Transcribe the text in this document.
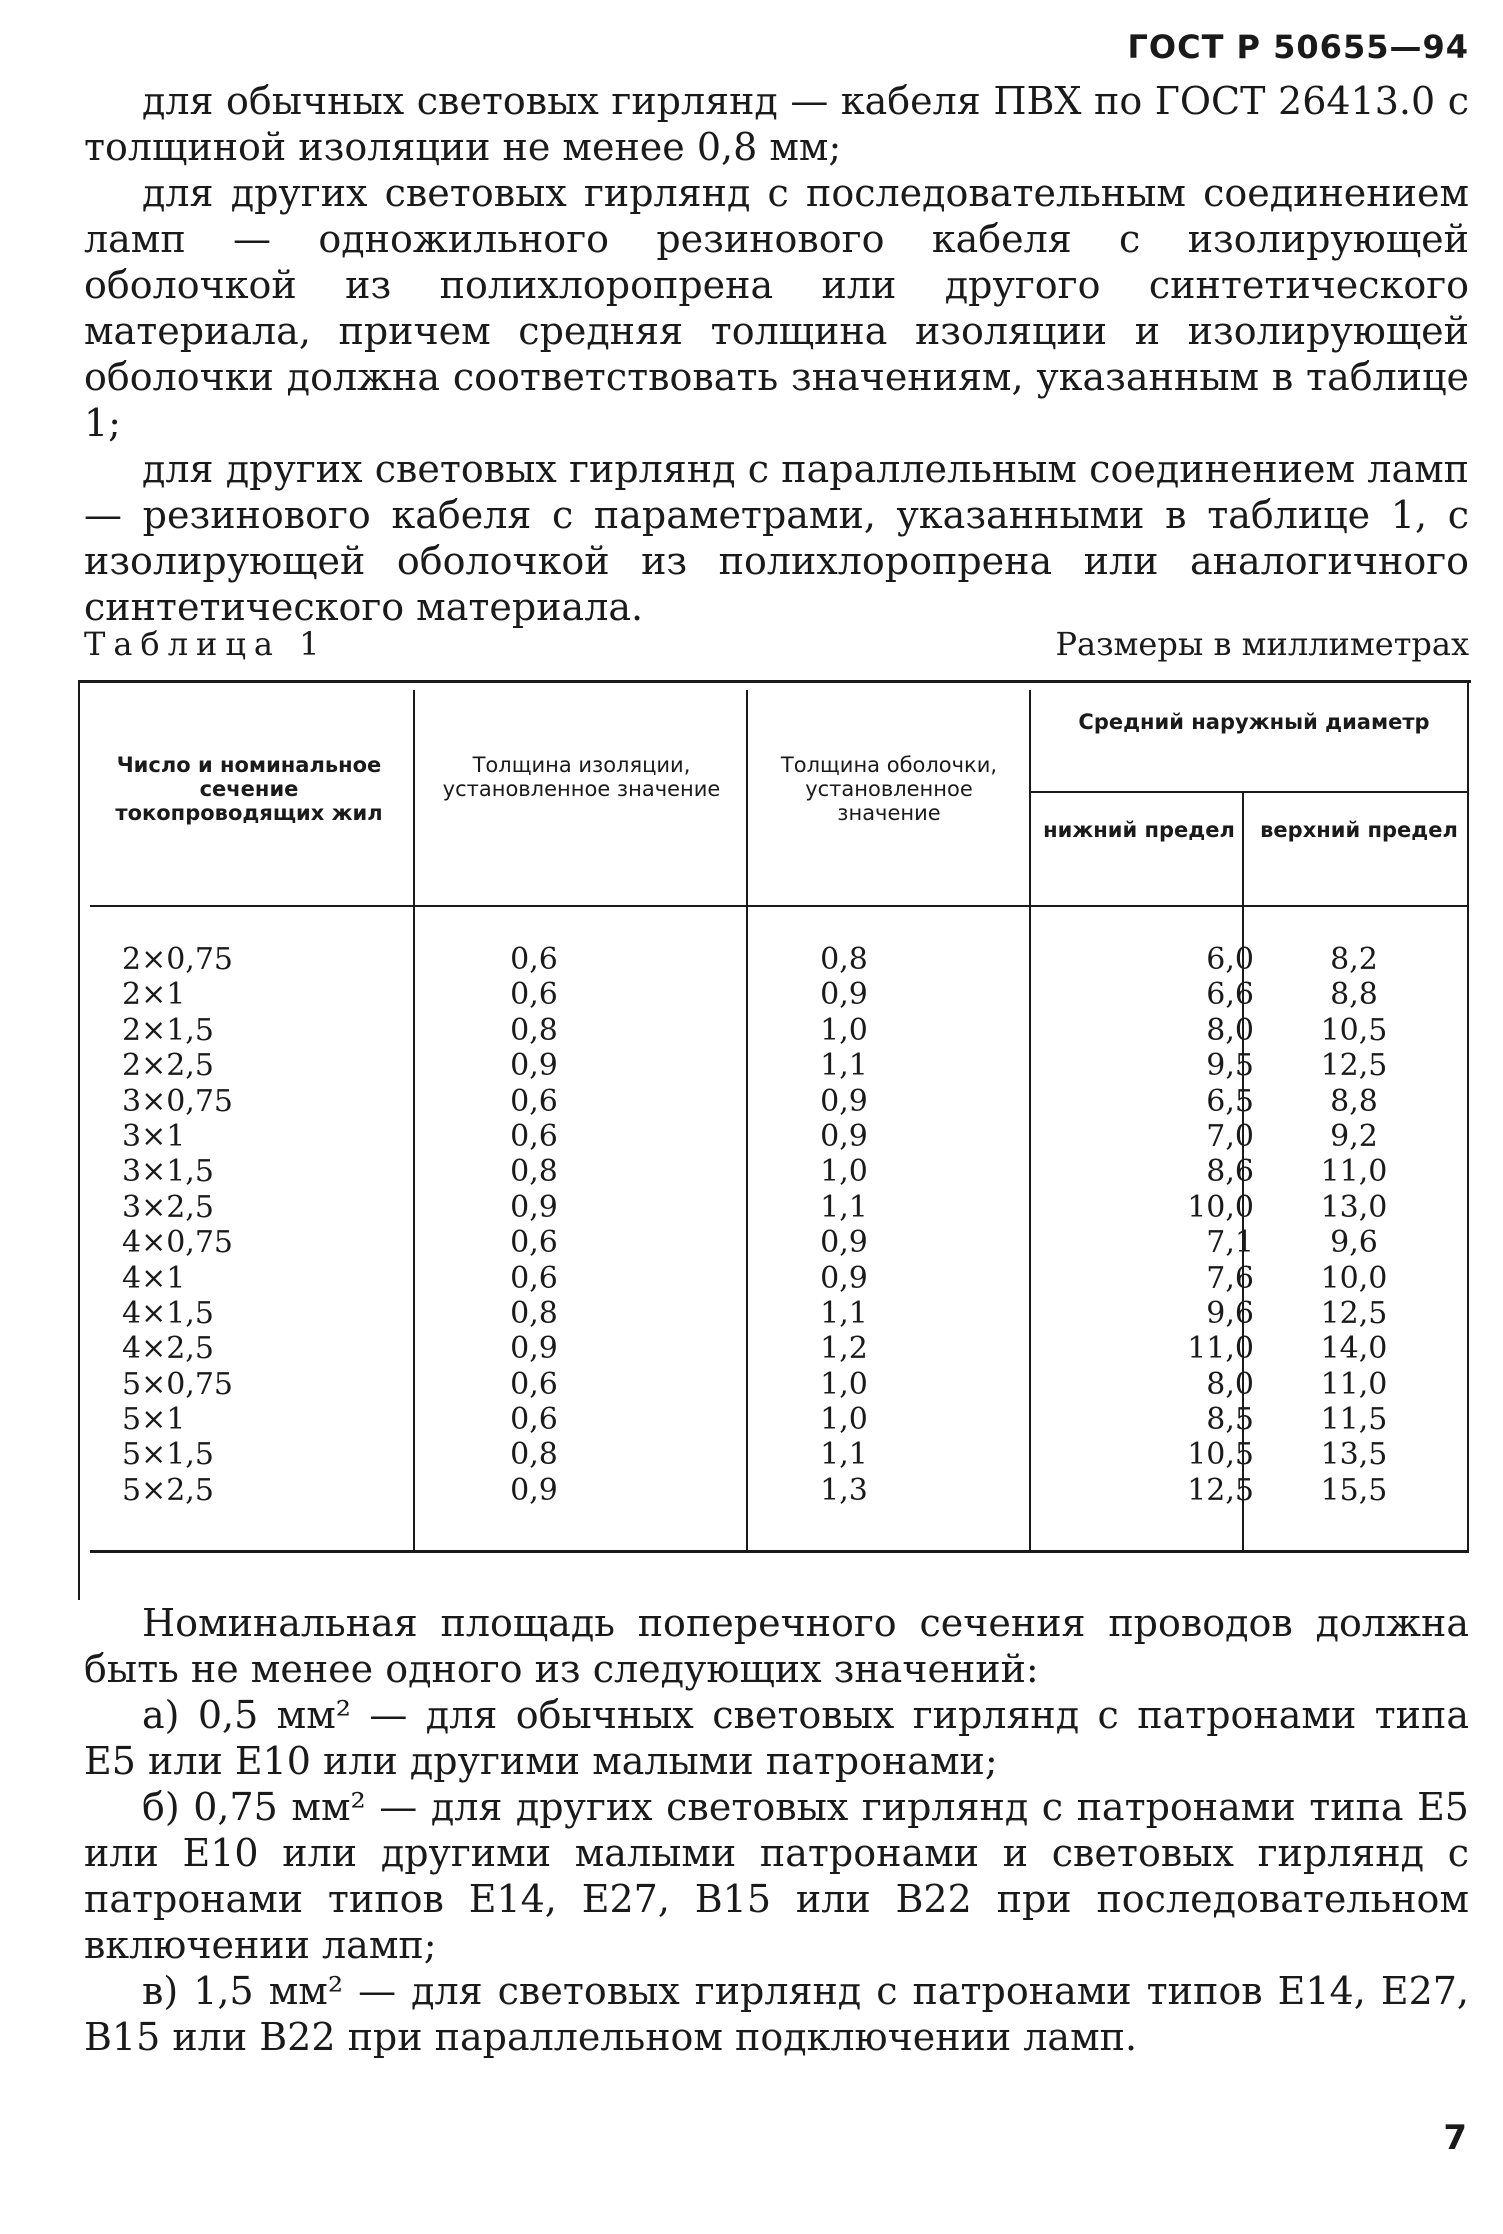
ГОСТ Р 50655—94

для обычных световых гирлянд — кабеля ПВХ по ГОСТ 26413.0 с толщиной изоляции не менее 0,8 мм;

для других световых гирлянд с последовательным соединением ламп — одножильного резинового кабеля с изолирующей оболочкой из полихлоропрена или другого синтетического материала, причем средняя толщина изоляции и изолирующей оболочки должна соответствовать значениям, указанным в таблице 1;

для других световых гирлянд с параллельным соединением ламп — резинового кабеля с параметрами, указанными в таблице 1, с изолирующей оболочкой из полихлоропрена или аналогичного синтетического материала.

Таблица 1	Размеры в миллиметрах
Число и номинальное сечение токопроводящих жил
Толщина изоляции, установленное значение
Толщина оболочки, установленное значение
Средний наружный диаметр
нижний предел верхний предел
2×0,75
2×1
2×1,5
2×2,5
3×0,75
3×1
3×1,5
3×2,5
4×0,75
4×1
4×1,5
4×2,5
5×0,75
5×1
5×1,5
5×2,5
0,6
0,6
0,8
0,9
0,6
0,6
0,8
0,9
0,6
0,6
0,8
0,9
0,6
0,6
0,8
0,9
0,8
0,9
1,0
1,1
0,9
0,9
1,0
1,1
0,9
0,9
1,1
1,2
1,0
1,0
1,1
1,3
6,0
6,6
8,0
9,5
6,5
7,0
8,6
10,0
7,1
7,6
9,6
11,0
8,0
8,5
10,5
12,5
8,2
8,8
10,5
12,5
8,8
9,2
11,0
13,0
9,6
10,0
12,5
14,0
11,0
11,5
13,5
15,5

Номинальная площадь поперечного сечения проводов должна быть не менее одного из следующих значений:

а) 0,5 мм² — для обычных световых гирлянд с патронами типа E5 или E10 или другими малыми патронами;

б) 0,75 мм² — для других световых гирлянд с патронами типа E5 или E10 или другими малыми патронами и световых гирлянд с патронами типов E14, E27, B15 или B22 при последовательном включении ламп;

в) 1,5 мм² — для световых гирлянд с патронами типов E14, E27, B15 или B22 при параллельном подключении ламп.

7
